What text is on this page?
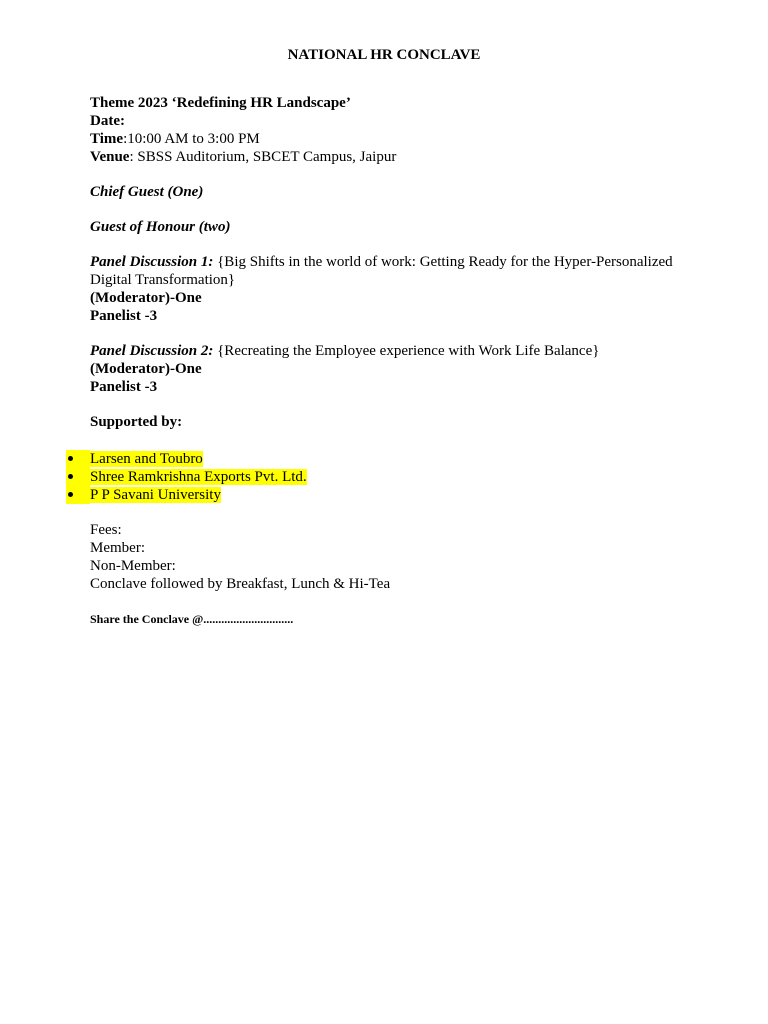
NATIONAL HR CONCLAVE
Theme 2023 ‘Redefining HR Landscape’
Date:
Time:10:00 AM to 3:00 PM
Venue: SBSS Auditorium, SBCET Campus, Jaipur
Chief Guest (One)
Guest of Honour (two)
Panel Discussion 1: {Big Shifts in the world of work: Getting Ready for the Hyper-Personalized
Digital Transformation}
(Moderator)-One
Panelist -3
Panel Discussion 2: {Recreating the Employee experience with Work Life Balance}
(Moderator)-One
Panelist -3
Supported by:
Larsen and Toubro
Shree Ramkrishna Exports Pvt. Ltd.
P P Savani University
Fees:
Member:
Non-Member:
Conclave followed by Breakfast, Lunch & Hi-Tea
Share the Conclave @..............................
